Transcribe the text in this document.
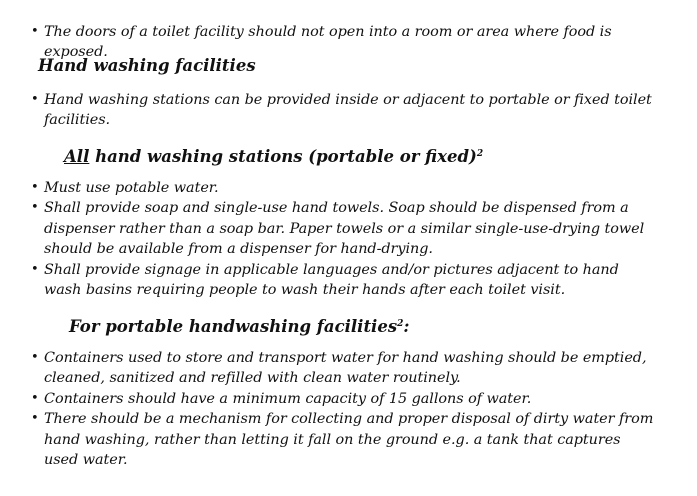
• The doors of a toilet facility should not open into a room or area where food is exposed.
Hand washing facilities
• Hand washing stations can be provided inside or adjacent to portable or fixed toilet facilities.
All hand washing stations (portable or fixed)$^2$
• Must use potable water.
• Shall provide soap and single-use hand towels. Soap should be dispensed from a dispenser rather than a soap bar. Paper towels or a similar single-use-drying towel should be available from a dispenser for hand-drying.
• Shall provide signage in applicable languages and/or pictures adjacent to hand wash basins requiring people to wash their hands after each toilet visit.
For portable handwashing facilities$^2$:
• Containers used to store and transport water for hand washing should be emptied, cleaned, sanitized and refilled with clean water routinely.
• Containers should have a minimum capacity of 15 gallons of water.
• There should be a mechanism for collecting and proper disposal of dirty water from hand washing, rather than letting it fall on the ground e.g. a tank that captures used water.
